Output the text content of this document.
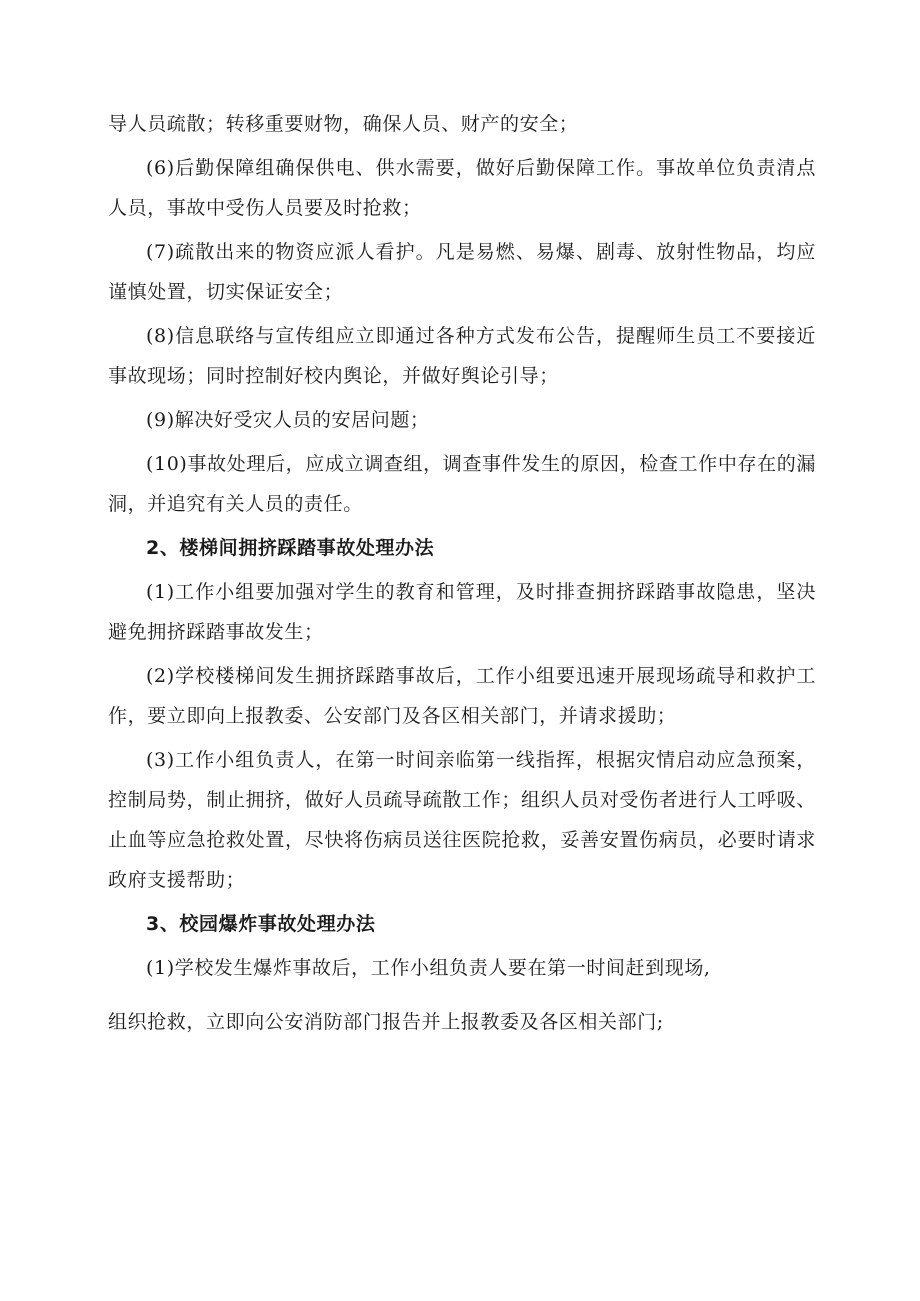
导人员疏散；转移重要财物，确保人员、财产的安全；

(6)后勤保障组确保供电、供水需要，做好后勤保障工作。事故单位负责清点人员，事故中受伤人员要及时抢救；

(7)疏散出来的物资应派人看护。凡是易燃、易爆、剧毒、放射性物品，均应谨慎处置，切实保证安全；

(8)信息联络与宣传组应立即通过各种方式发布公告，提醒师生员工不要接近事故现场；同时控制好校内舆论，并做好舆论引导；

(9)解决好受灾人员的安居问题；

(10)事故处理后，应成立调查组，调查事件发生的原因，检查工作中存在的漏洞，并追究有关人员的责任。

2、楼梯间拥挤踩踏事故处理办法

(1)工作小组要加强对学生的教育和管理，及时排查拥挤踩踏事故隐患，坚决避免拥挤踩踏事故发生；

(2)学校楼梯间发生拥挤踩踏事故后，工作小组要迅速开展现场疏导和救护工作，要立即向上报教委、公安部门及各区相关部门，并请求援助；

(3)工作小组负责人，在第一时间亲临第一线指挥，根据灾情启动应急预案，控制局势，制止拥挤，做好人员疏导疏散工作；组织人员对受伤者进行人工呼吸、止血等应急抢救处置，尽快将伤病员送往医院抢救，妥善安置伤病员，必要时请求政府支援帮助；

3、校园爆炸事故处理办法

(1)学校发生爆炸事故后，工作小组负责人要在第一时间赶到现场,

组织抢救，立即向公安消防部门报告并上报教委及各区相关部门;
